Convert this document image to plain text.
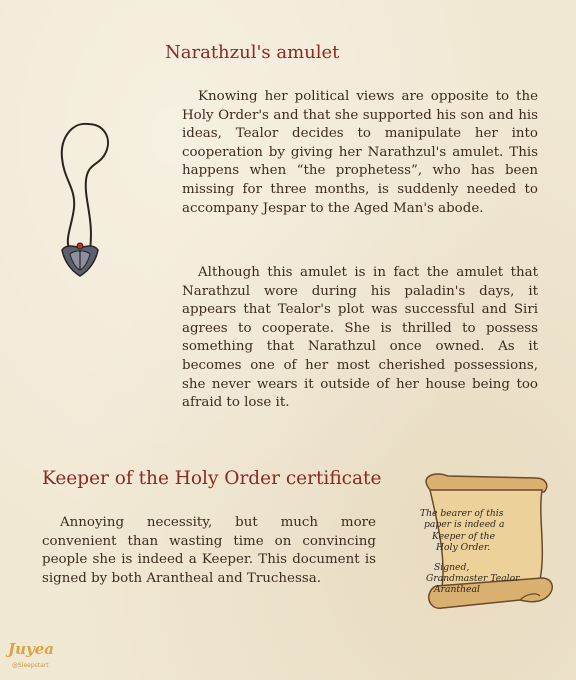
Narathzul's amulet

Knowing her political views are opposite to the Holy Order's and that she supported his son and his ideas, Tealor decides to manipulate her into cooperation by giving her Narathzul's amulet. This happens when “the prophetess”, who has been missing for three months, is suddenly needed to accompany Jespar to the Aged Man's abode.

Although this amulet is in fact the amulet that Narathzul wore during his paladin's days, it appears that Tealor's plot was successful and Siri agrees to cooperate. She is thrilled to possess something that Narathzul once owned. As it becomes one of her most cherished possessions, she never wears it outside of her house being too afraid to lose it.

Keeper of the Holy Order certificate

Annoying necessity, but much more convenient than wasting time on convincing people she is indeed a Keeper. This document is signed by both Arantheal and Truchessa.

The bearer of this
paper is indeed a
Keeper of the
Holy Order.
Signed,
Grandmaster Tealor
Arantheal
Juyea
@Sleepstart
